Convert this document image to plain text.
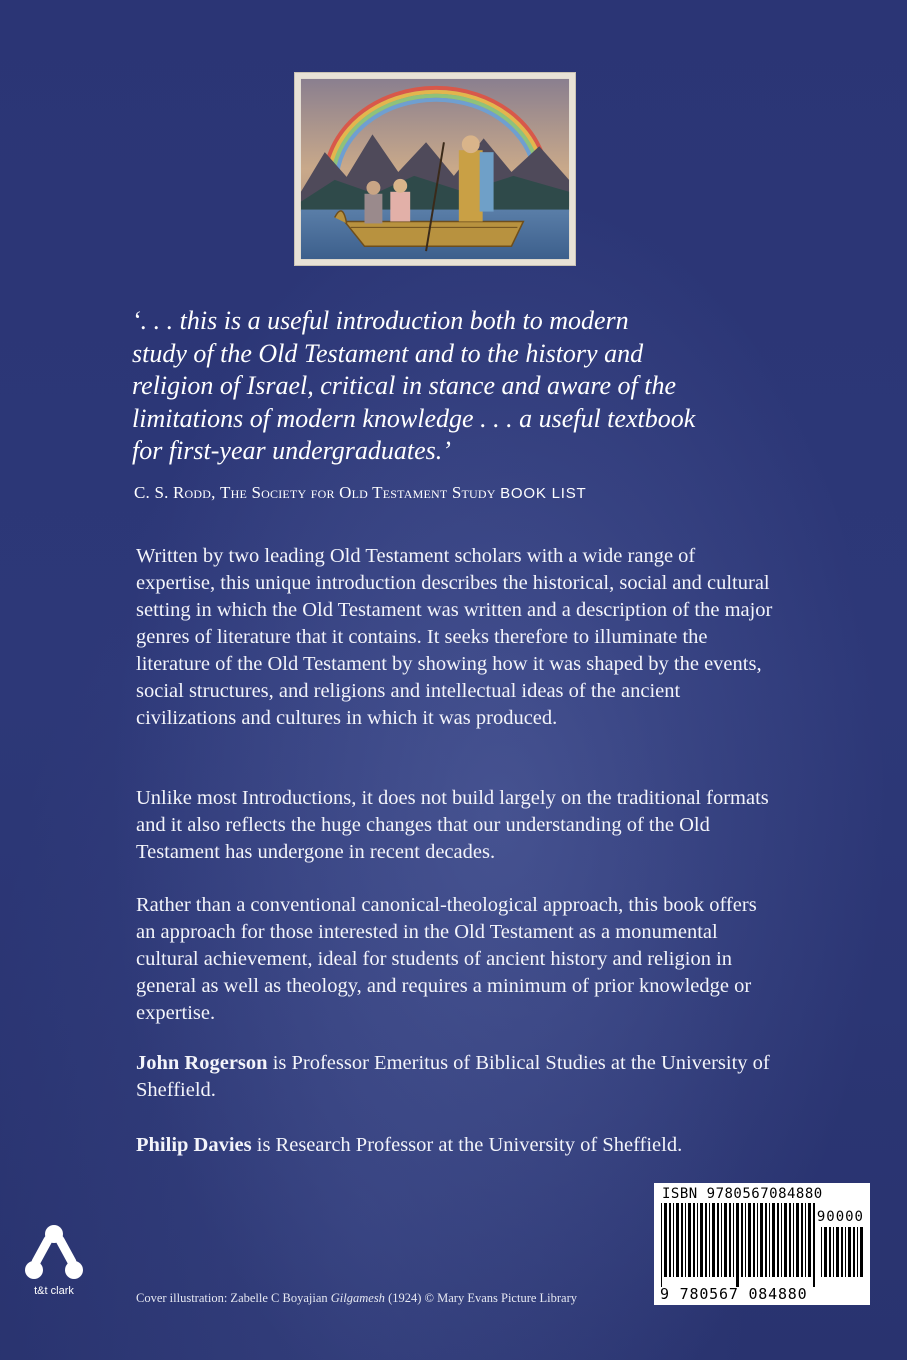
‘. . . this is a useful introduction both to modern
study of the Old Testament and to the history and
religion of Israel, critical in stance and aware of the
limitations of modern knowledge . . . a useful textbook
for first-year undergraduates.’

C. S. Rodd, The Society for Old Testament Study BOOK LIST

Written by two leading Old Testament scholars with a wide range of expertise, this unique introduction describes the historical, social and cultural setting in which the Old Testament was written and a description of the major genres of literature that it contains. It seeks therefore to illuminate the literature of the Old Testament by showing how it was shaped by the events, social structures, and religions and intellectual ideas of the ancient civilizations and cultures in which it was produced.

Unlike most Introductions, it does not build largely on the traditional formats and it also reflects the huge changes that our understanding of the Old Testament has undergone in recent decades.

Rather than a conventional canonical-theological approach, this book offers an approach for those interested in the Old Testament as a monumental cultural achievement, ideal for students of ancient history and religion in general as well as theology, and requires a minimum of prior knowledge or expertise.

John Rogerson is Professor Emeritus of Biblical Studies at the University of Sheffield.

Philip Davies is Research Professor at the University of Sheffield.

t&t clark	Cover illustration: Zabelle C Boyajian Gilgamesh (1924) © Mary Evans Picture Library

ISBN 9780567084880
90000
9 780567 084880
